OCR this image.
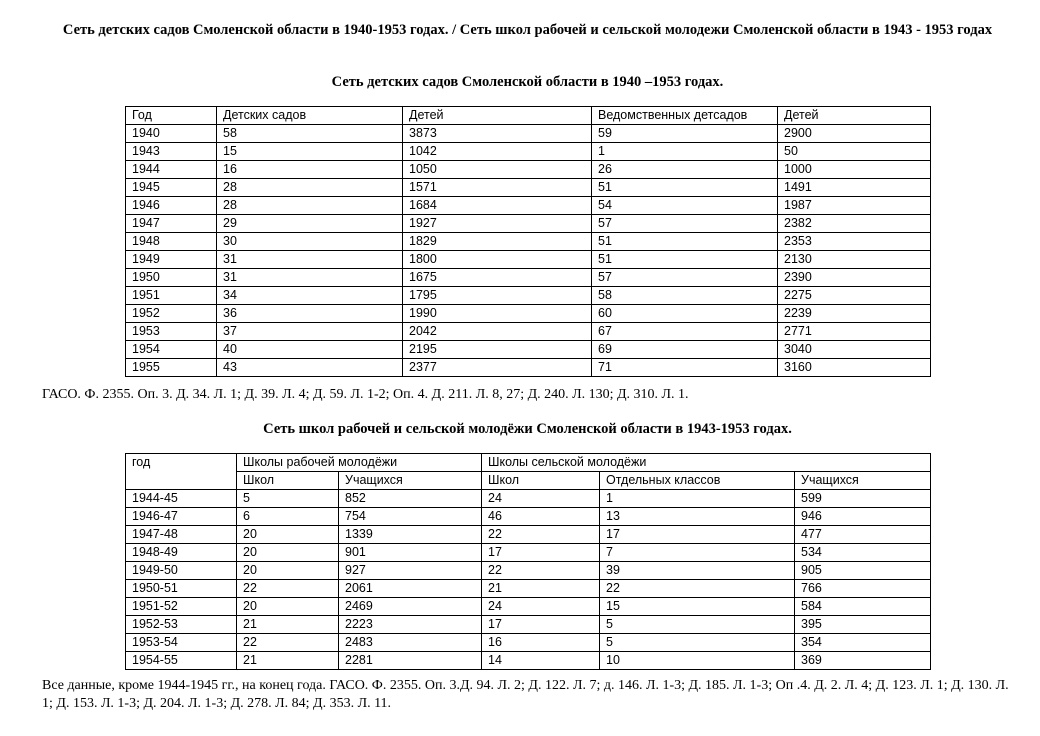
Сеть детских садов Смоленской области в 1940-1953 годах. / Сеть школ рабочей и сельской молодежи Смоленской области в 1943 - 1953 годах
Сеть детских садов Смоленской области в 1940 –1953 годах.
Год	Детских садов	Детей	Ведомственных детсадов	Детей
1940	58	3873	59	2900
1943	15	1042	1	50
1944	16	1050	26	1000
1945	28	1571	51	1491
1946	28	1684	54	1987
1947	29	1927	57	2382
1948	30	1829	51	2353
1949	31	1800	51	2130
1950	31	1675	57	2390
1951	34	1795	58	2275
1952	36	1990	60	2239
1953	37	2042	67	2771
1954	40	2195	69	3040
1955	43	2377	71	3160
ГАСО. Ф. 2355. Оп. 3. Д. 34. Л. 1; Д. 39. Л. 4; Д. 59. Л. 1-2; Оп. 4. Д. 211. Л. 8, 27; Д. 240. Л. 130; Д. 310. Л. 1.
Сеть школ рабочей и сельской молодёжи Смоленской области в 1943-1953 годах.
год	Школы рабочей молодёжи		Школы сельской молодёжи		
	Школ	Учащихся	Школ	Отдельных классов	Учащихся
1944-45	5	852	24	1	599
1946-47	6	754	46	13	946
1947-48	20	1339	22	17	477
1948-49	20	901	17	7	534
1949-50	20	927	22	39	905
1950-51	22	2061	21	22	766
1951-52	20	2469	24	15	584
1952-53	21	2223	17	5	395
1953-54	22	2483	16	5	354
1954-55	21	2281	14	10	369
Все данные, кроме 1944-1945 гг., на конец года. ГАСО. Ф. 2355. Оп. 3.Д. 94. Л. 2; Д. 122. Л. 7; д. 146. Л. 1-3; Д. 185. Л. 1-3; Оп .4. Д. 2. Л. 4; Д. 123. Л. 1; Д. 130. Л. 1; Д. 153. Л. 1-3; Д. 204. Л. 1-3; Д. 278. Л. 84; Д. 353. Л. 11.
